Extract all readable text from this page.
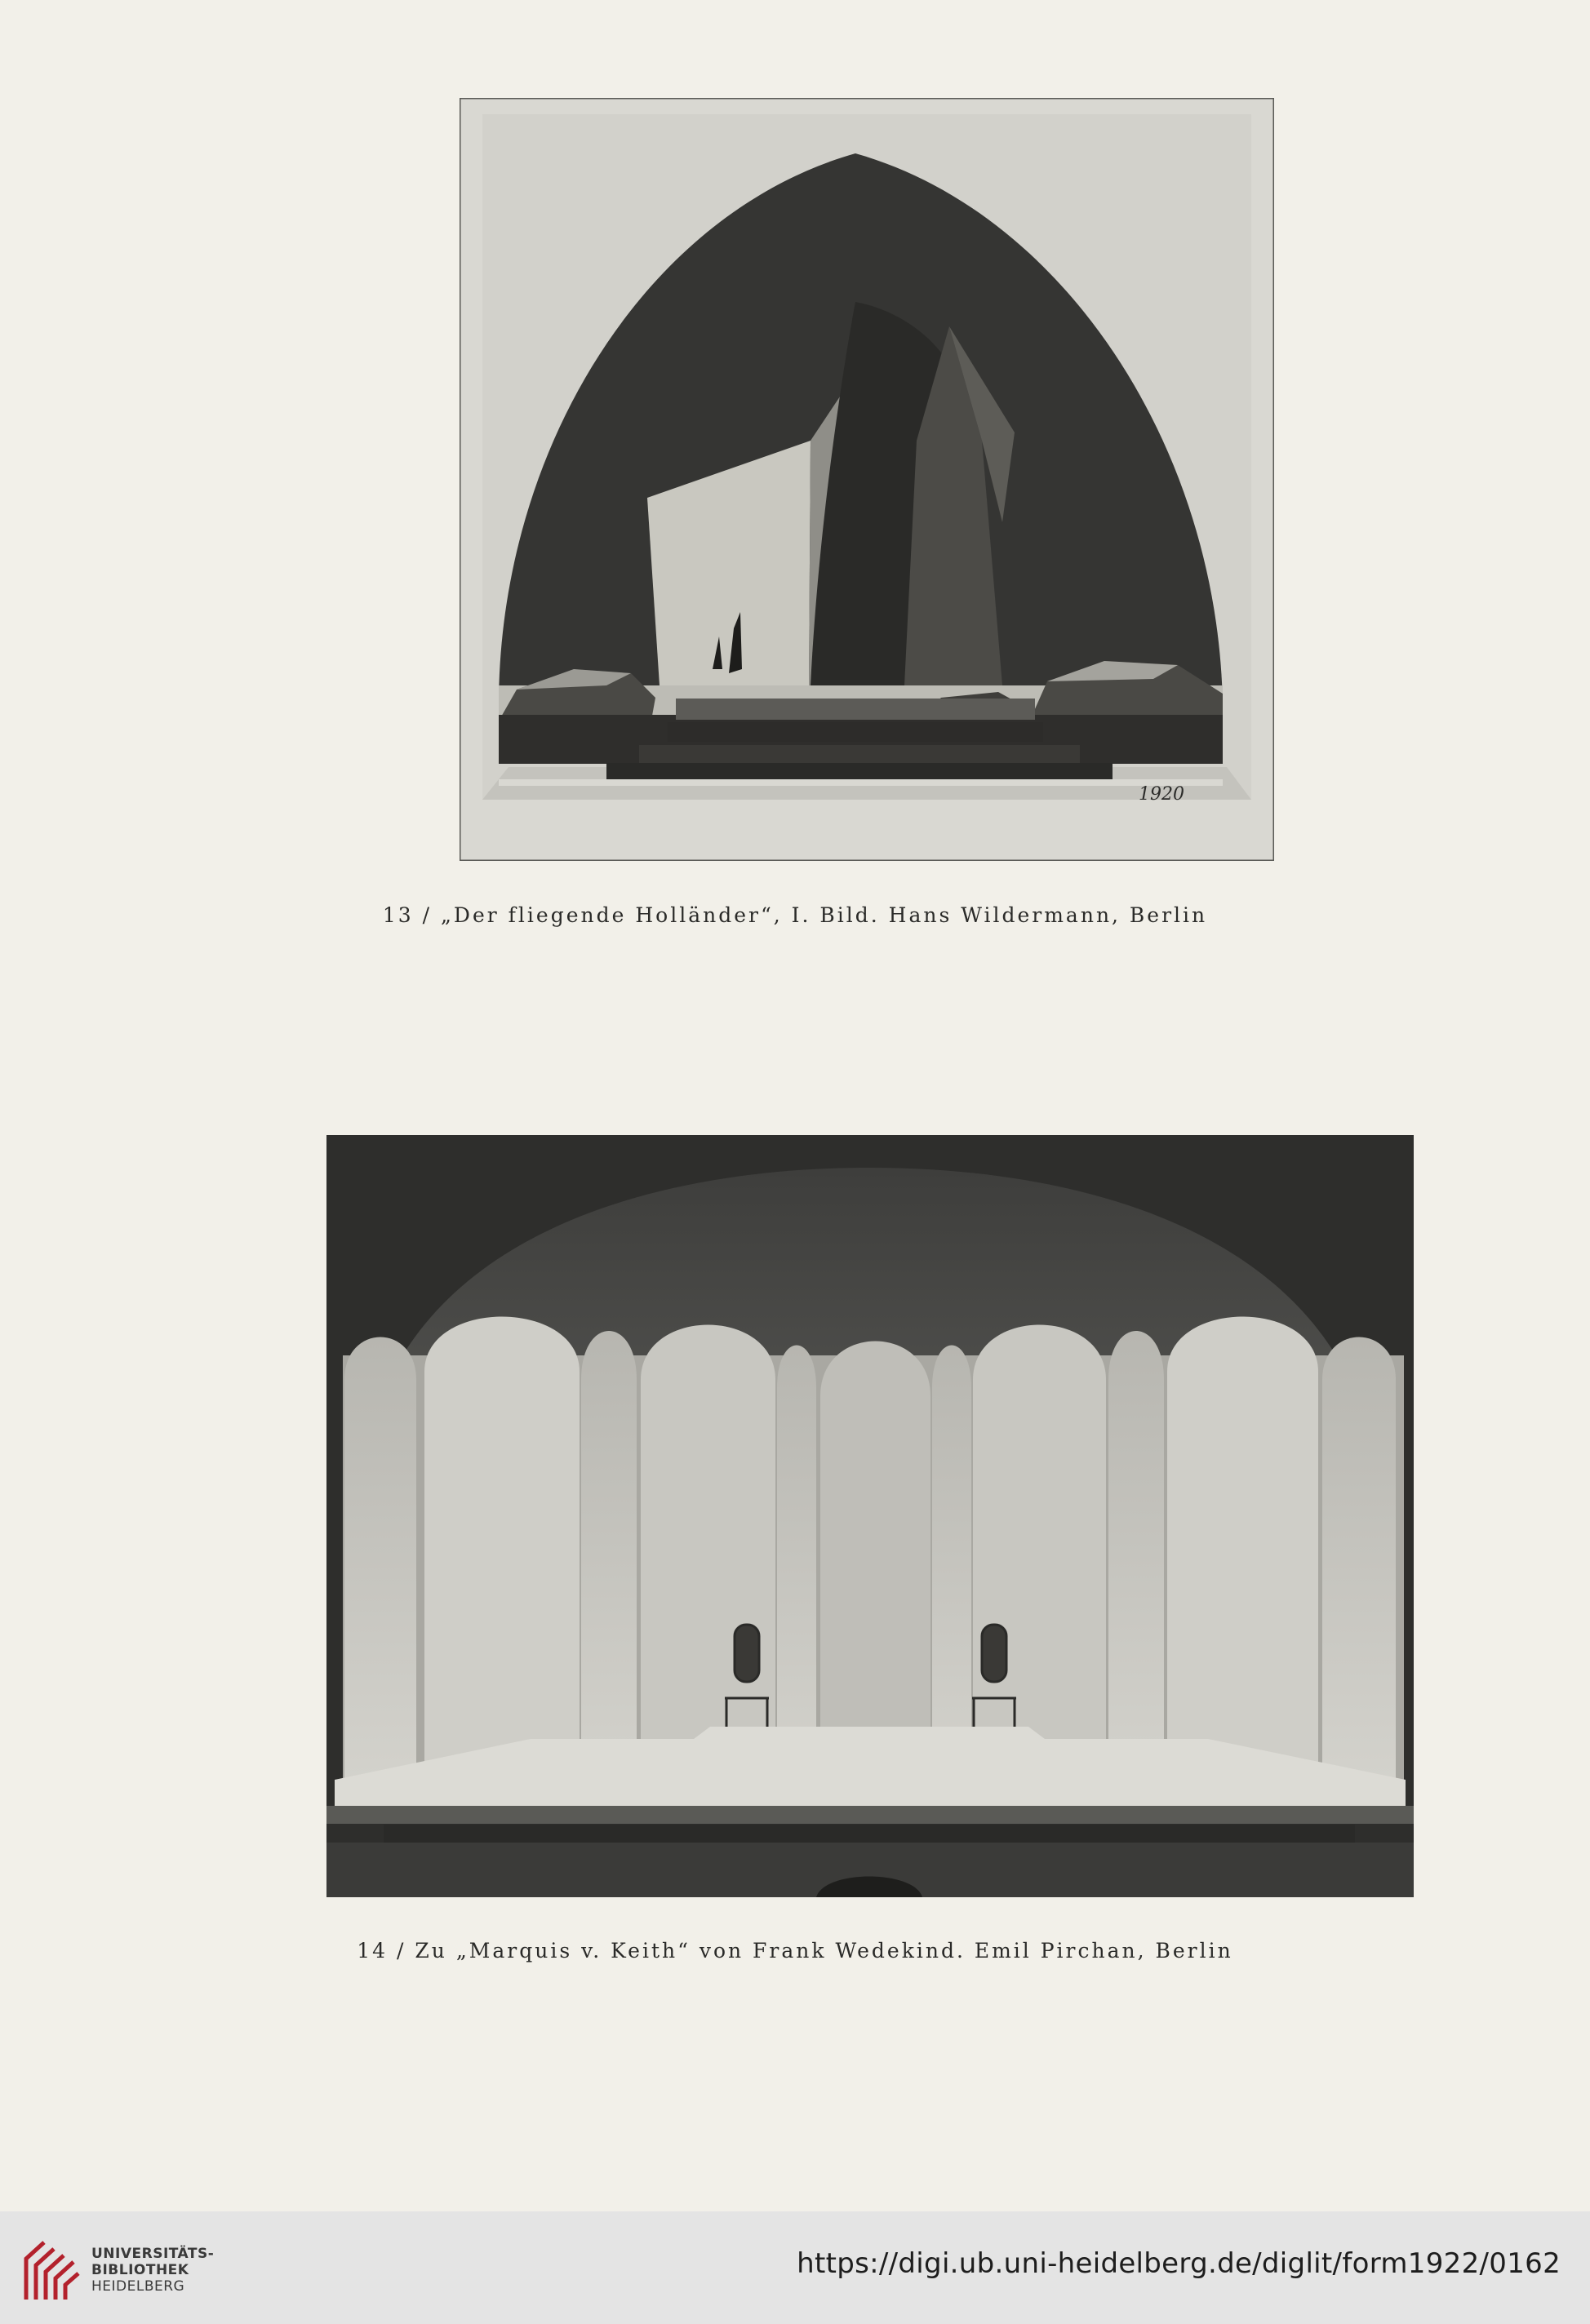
1920
13 / „Der fliegende Holländer“, I. Bild. Hans Wildermann, Berlin
14 / Zu „Marquis v. Keith“ von Frank Wedekind. Emil Pirchan, Berlin
UNIVERSITÄTS-
BIBLIOTHEK
HEIDELBERG
https://digi.ub.uni-heidelberg.de/diglit/form1922/0162
